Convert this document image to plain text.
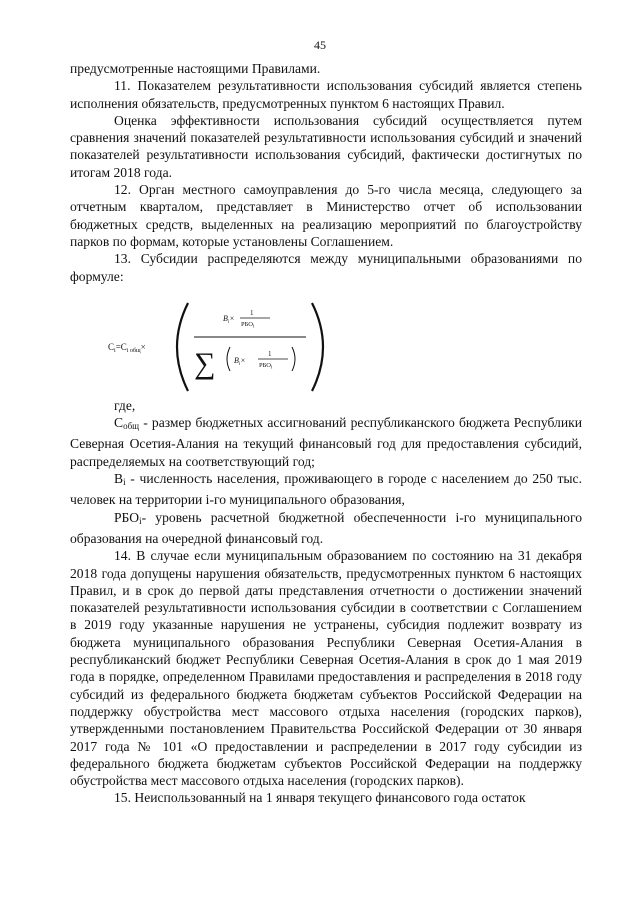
45

предусмотренные настоящими Правилами.

11. Показателем результативности использования субсидий является степень исполнения обязательств, предусмотренных пунктом 6 настоящих Правил.

Оценка эффективности использования субсидий осуществляется путем сравнения значений показателей результативности использования субсидий и значений показателей результативности использования субсидий, фактически достигнутых по итогам 2018 года.

12. Орган местного самоуправления до 5-го числа месяца, следующего за отчетным кварталом, представляет в Министерство отчет об использовании бюджетных средств, выделенных на реализацию мероприятий по благоустройству парков по формам, которые установлены Соглашением.

13. Субсидии распределяются между муниципальными образованиями по формуле:

$С_i=С_{i общ}\times$
$В_i\times$
1
$РБО_i$
∑ $В_i\times$
1
$РБО_i$

где,

$С_{общ}$ - размер бюджетных ассигнований республиканского бюджета Республики Северная Осетия-Алания на текущий финансовый год для предоставления субсидий, распределяемых на соответствующий год;

$В_i$ - численность населения, проживающего в городе с населением до 250 тыс. человек на территории i-го муниципального образования,

$РБО_i-$ уровень расчетной бюджетной обеспеченности i-го муниципального образования на очередной финансовый год.

14. В случае если муниципальным образованием по состоянию на 31 декабря 2018 года допущены нарушения обязательств, предусмотренных пунктом 6 настоящих Правил, и в срок до первой даты представления отчетности о достижении значений показателей результативности использования субсидии в соответствии с Соглашением в 2019 году указанные нарушения не устранены, субсидия подлежит возврату из бюджета муниципального образования Республики Северная Осетия-Алания в республиканский бюджет Республики Северная Осетия-Алания в срок до 1 мая 2019 года в порядке, определенном Правилами предоставления и распределения в 2018 году субсидий из федерального бюджета бюджетам субъектов Российской Федерации на поддержку обустройства мест массового отдыха населения (городских парков), утвержденными постановлением Правительства Российской Федерации от 30 января 2017 года № 101 «О предоставлении и распределении в 2017 году субсидии из федерального бюджета бюджетам субъектов Российской Федерации на поддержку обустройства мест массового отдыха населения (городских парков).

15. Неиспользованный на 1 января текущего финансового года остаток
